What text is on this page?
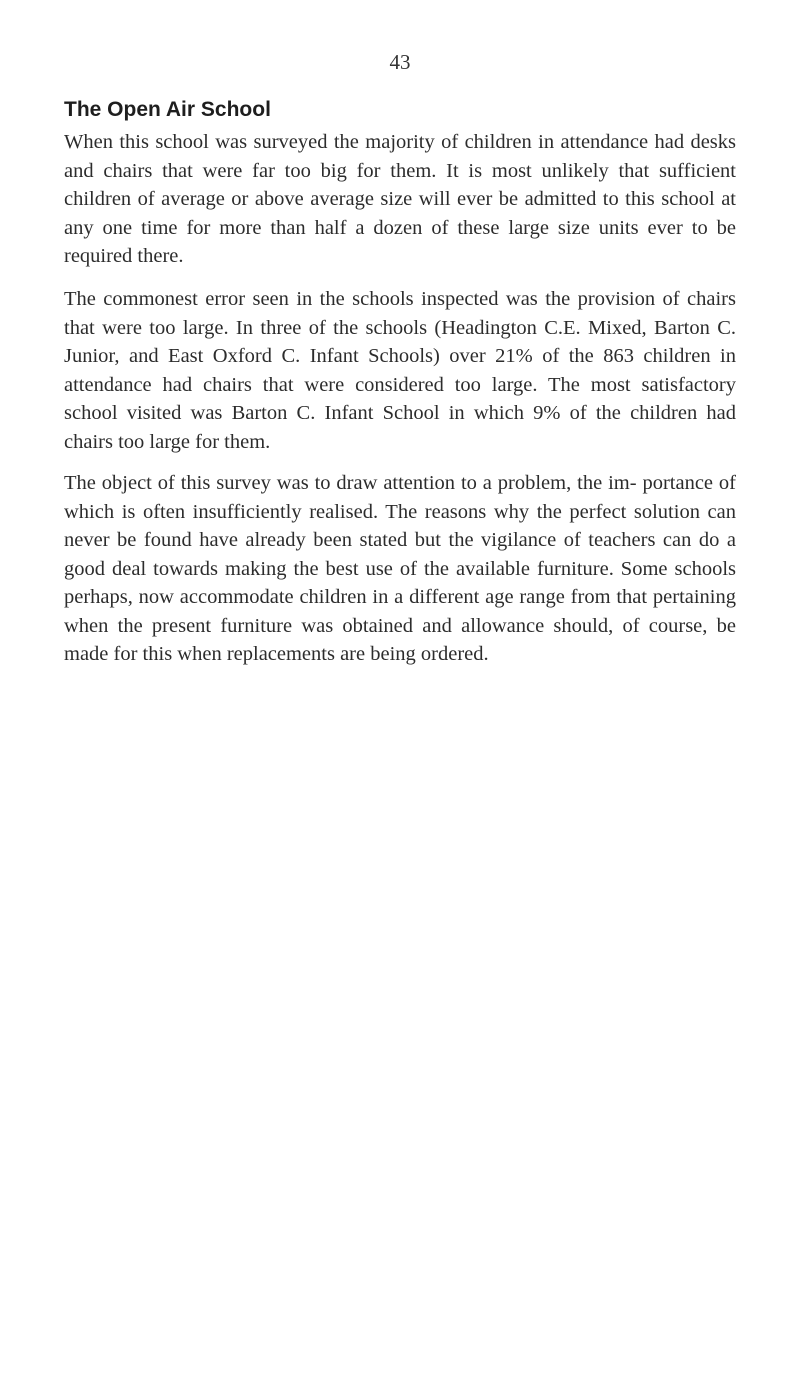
43
The Open Air School

When this school was surveyed the majority of children in attendance had desks and chairs that were far too big for them. It is most unlikely that sufficient children of average or above average size will ever be admitted to this school at any one time for more than half a dozen of these large size units ever to be required there.

The commonest error seen in the schools inspected was the provision of chairs that were too large. In three of the schools (Headington C.E. Mixed, Barton C. Junior, and East Oxford C. Infant Schools) over 21% of the 863 children in attendance had chairs that were considered too large. The most satisfactory school visited was Barton C. Infant School in which 9% of the children had chairs too large for them.

The object of this survey was to draw attention to a problem, the im- portance of which is often insufficiently realised. The reasons why the perfect solution can never be found have already been stated but the vigilance of teachers can do a good deal towards making the best use of the available furniture. Some schools perhaps, now accommodate children in a different age range from that pertaining when the present furniture was obtained and allowance should, of course, be made for this when replacements are being ordered.
